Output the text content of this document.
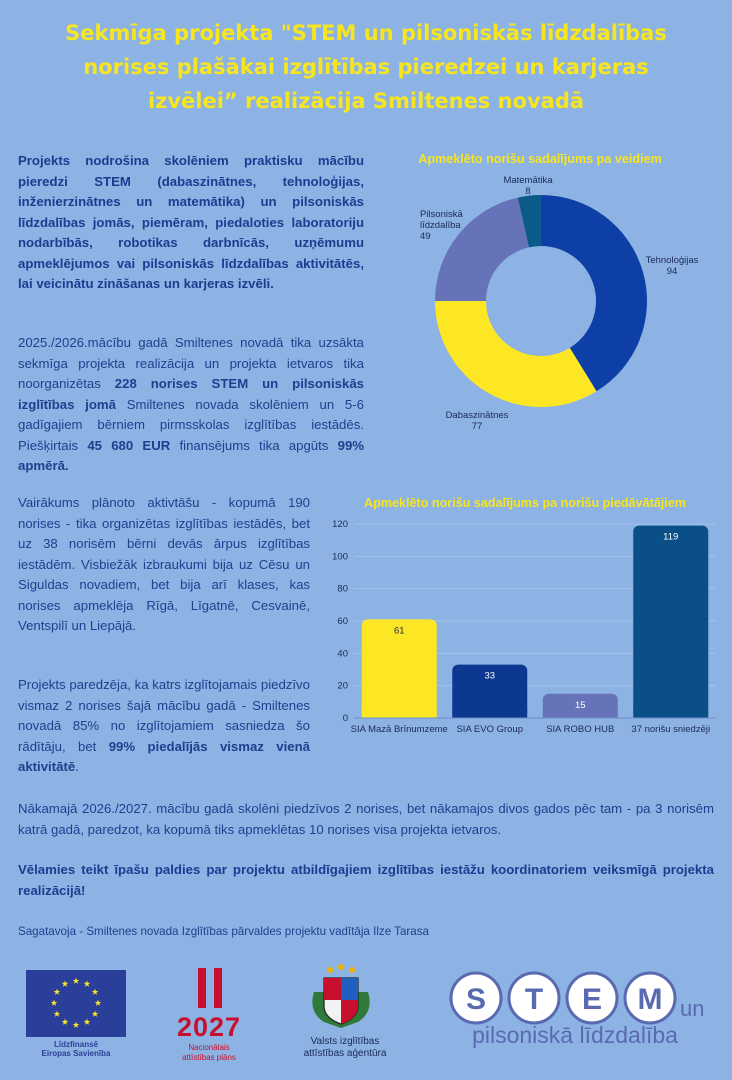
Sekmīga projekta "STEM un pilsoniskās līdzdalības
norises plašākai izglītības pieredzei un karjeras
izvēlei” realizācija Smiltenes novadā
Projekts nodrošina skolēniem praktisku mācību pieredzi STEM (dabaszinātnes, tehnoloģijas, inženierzinātnes un matemātika) un pilsoniskās līdzdalības jomās, piemēram, piedaloties laboratoriju nodarbībās, robotikas darbnīcās, uzņēmumu apmeklējumos vai pilsoniskās līdzdalības aktivitātēs, lai veicinātu zināšanas un karjeras izvēli.
2025./2026.mācību gadā Smiltenes novadā tika uzsākta sekmīga projekta realizācija un projekta ietvaros tika noorganizētas 228 norises STEM un pilsoniskās izglītības jomā Smiltenes novada skolēniem un 5-6 gadīgajiem bērniem pirmsskolas izglītības iestādēs. Piešķirtais 45 680 EUR finansējums tika apgūts 99% apmērā.
Vairākums plānoto aktivtāšu - kopumā 190 norises - tika organizētas izglītības iestādēs, bet uz 38 norisēm bērni devās ārpus izglītības iestādēm. Visbiežāk izbraukumi bija uz Cēsu un Siguldas novadiem, bet bija arī klases, kas norises apmeklēja Rīgā, Līgatnē, Cesvainē, Ventspilī un Liepājā.
Projekts paredzēja, ka katrs izglītojamais piedzīvo vismaz 2 norises šajā mācību gadā - Smiltenes novadā 85% no izglītojamiem sasniedza šo rādītāju, bet 99% piedalījās vismaz vienā aktivitātē.
Apmeklēto norišu sadalījums pa veidiem
Tehnoloģijas
94
Dabaszinātnes
77
Pilsoniskā
līdzdalība
49
Matemātika
8
Apmeklēto norišu sadalījums pa norišu piedāvātājiem
0
20
40
60
80
100
120
61
SIA Mazā Brīnumzeme
33
SIA EVO Group
15
SIA ROBO HUB
119
37 norišu sniedzēji
Nākamajā 2026./2027. mācību gadā skolēni piedzīvos 2 norises, bet nākamajos divos gados pēc tam - pa 3 norisēm katrā gadā, paredzot, ka kopumā tiks apmeklētas 10 norises visa projekta ietvaros.
Vēlamies teikt īpašu paldies par projektu atbildīgajiem izglītības iestāžu koordinatoriem veiksmīgā projekta realizācijā!
Sagatavoja - Smiltenes novada Izglītības pārvaldes projektu vadītāja Ilze Tarasa
Līdzfinansē
Eiropas Savienība
2027
Nacionālais
attīstības plāns
Valsts izglītības
attīstības aģentūra
S T E M un
pilsoniskā līdzdalība
